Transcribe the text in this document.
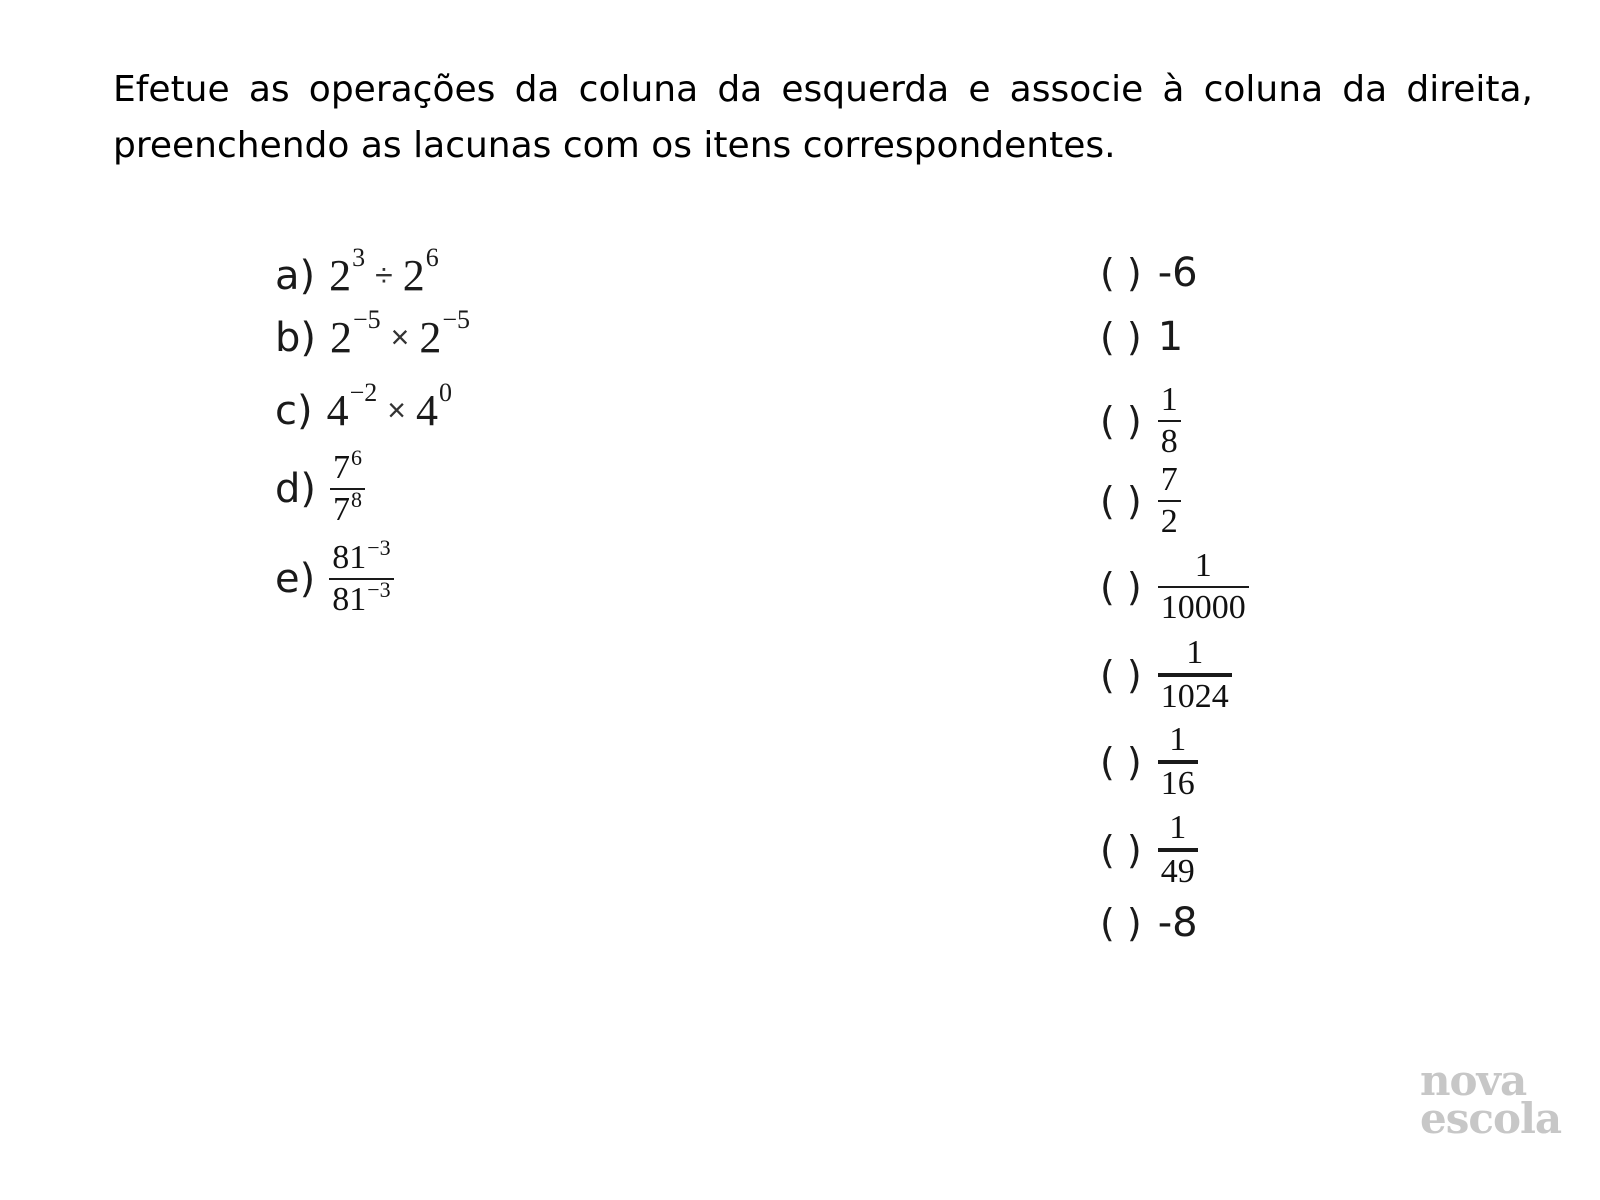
Efetue as operações da coluna da esquerda e associe à coluna da direita, preenchendo as lacunas com os itens correspondentes.

a) 2 3 ÷ 2 6
b) 2 −5 × 2 −5
c) 4 −2 × 4 0
$d) \frac{7 6}{7 8}$
$e) \frac{81 -3}{81 -3}$
( ) -6
( ) 1
( ) $\frac{1}{8}$
( ) $\frac{7}{2}$
( ) $\frac{1}{10000}$
( ) $\frac{1}{1024}$
( ) $\frac{1}{16}$
( ) $\frac{1}{49}$
( ) -8
nova
escola
